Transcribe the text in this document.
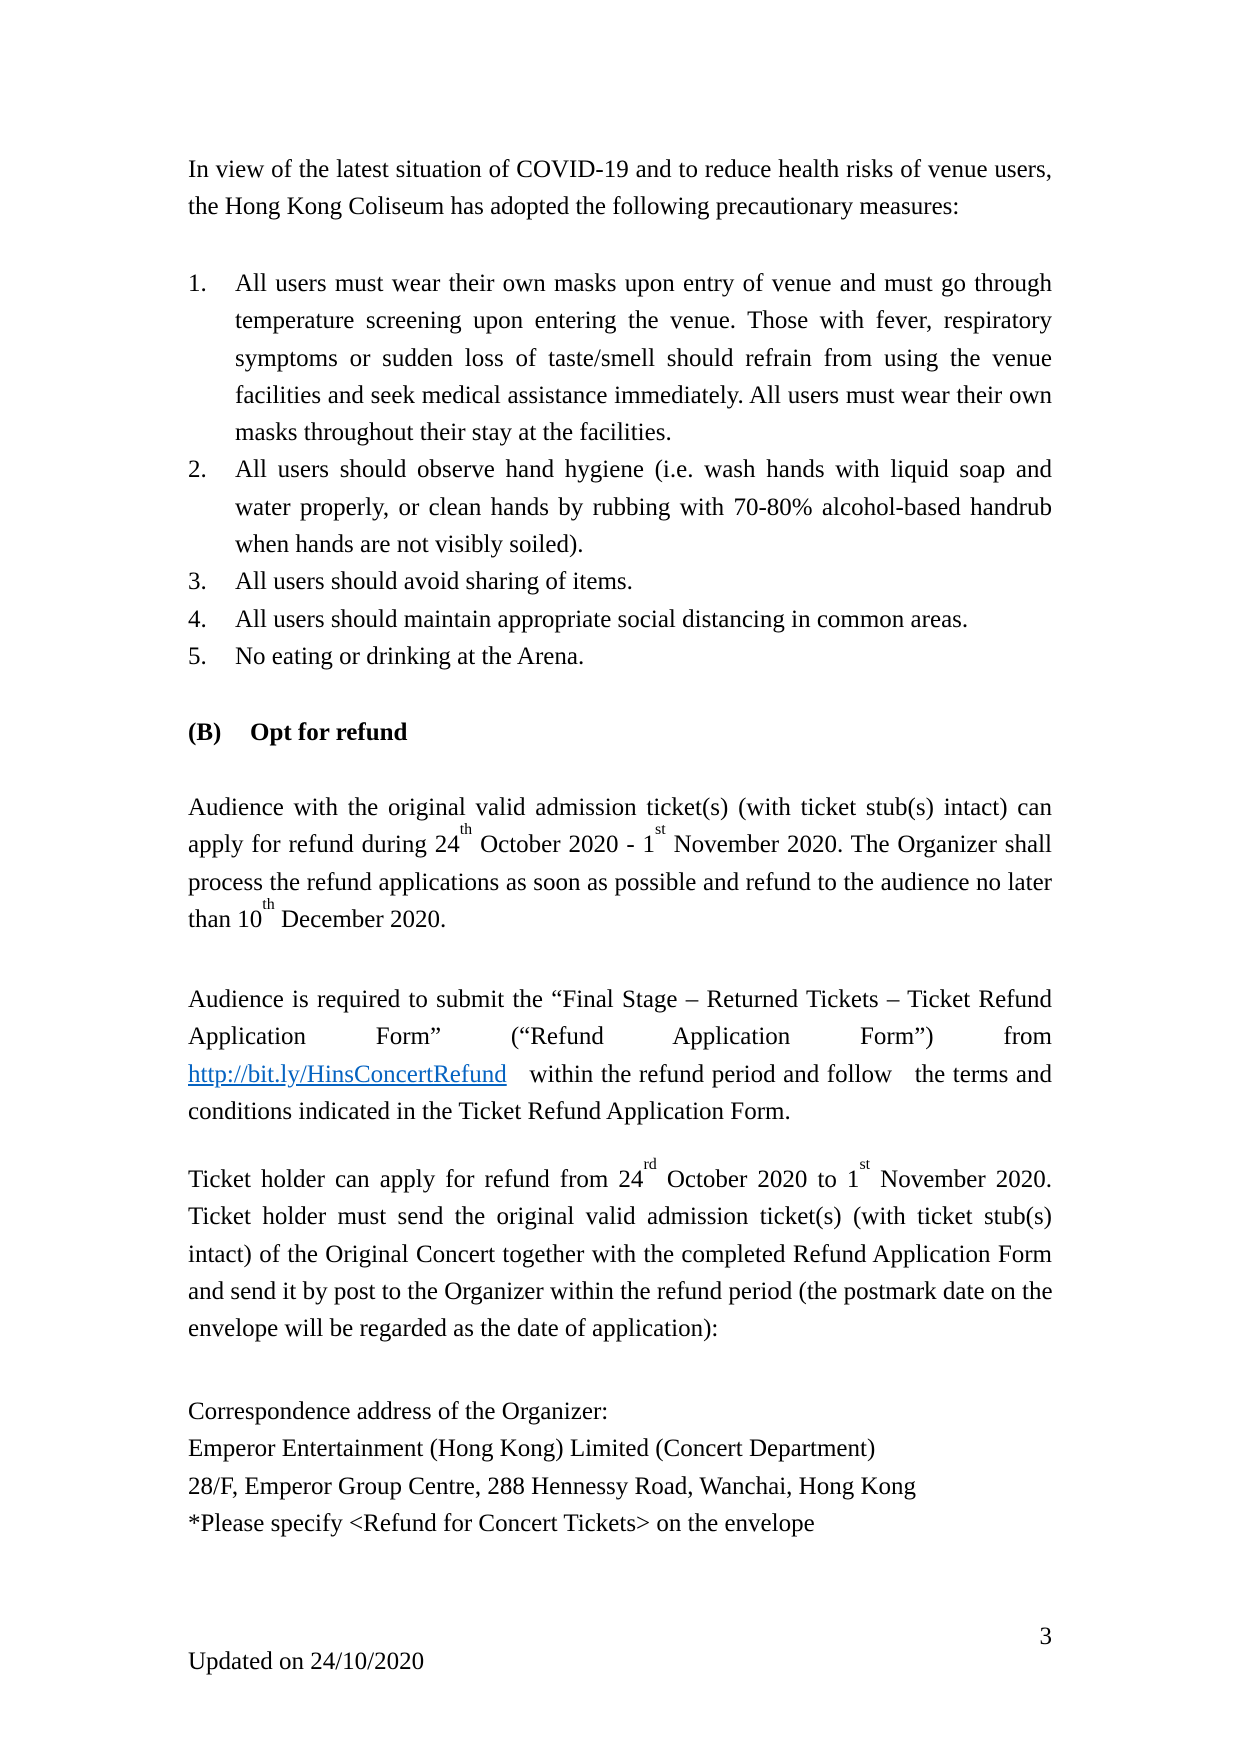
In view of the latest situation of COVID-19 and to reduce health risks of venue users,
the Hong Kong Coliseum has adopted the following precautionary measures:
1. All users must wear their own masks upon entry of venue and must go through
temperature screening upon entering the venue. Those with fever, respiratory
symptoms or sudden loss of taste/smell should refrain from using the venue
facilities and seek medical assistance immediately. All users must wear their own
masks throughout their stay at the facilities.
2. All users should observe hand hygiene (i.e. wash hands with liquid soap and
water properly, or clean hands by rubbing with 70-80% alcohol-based handrub
when hands are not visibly soiled).
3. All users should avoid sharing of items.
4. All users should maintain appropriate social distancing in common areas.
5. No eating or drinking at the Arena.
(B) Opt for refund
Audience with the original valid admission ticket(s) (with ticket stub(s) intact) can
apply for refund during 24th October 2020 - 1st November 2020. The Organizer shall
process the refund applications as soon as possible and refund to the audience no later
than 10th December 2020.
Audience is required to submit the “Final Stage – Returned Tickets – Ticket Refund
Application Form” (“Refund Application Form”) from
http://bit.ly/HinsConcertRefund   within the refund period and follow   the terms and
conditions indicated in the Ticket Refund Application Form.
Ticket holder can apply for refund from 24rd October 2020 to 1st November 2020.
Ticket holder must send the original valid admission ticket(s) (with ticket stub(s)
intact) of the Original Concert together with the completed Refund Application Form
and send it by post to the Organizer within the refund period (the postmark date on the
envelope will be regarded as the date of application):
Correspondence address of the Organizer:
Emperor Entertainment (Hong Kong) Limited (Concert Department)
28/F, Emperor Group Centre, 288 Hennessy Road, Wanchai, Hong Kong
*Please specify <Refund for Concert Tickets> on the envelope
Updated on 24/10/2020
3
